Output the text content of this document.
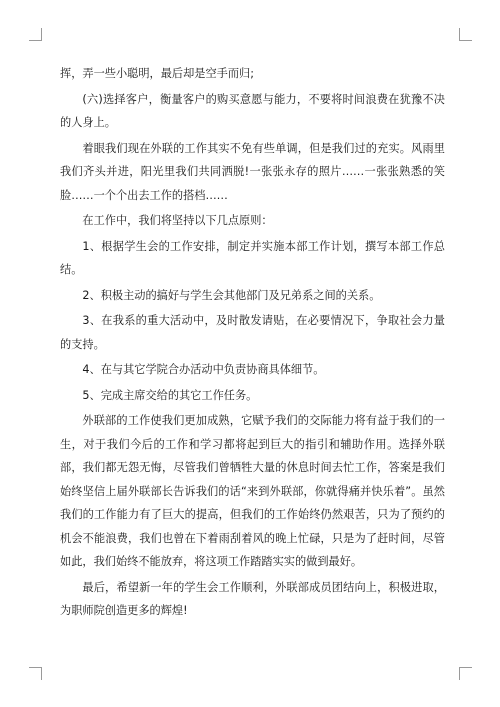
挥，弄一些小聪明，最后却是空手而归;

(六)选择客户，衡量客户的购买意愿与能力，不要将时间浪费在犹豫不决的人身上。

着眼我们现在外联的工作其实不免有些单调，但是我们过的充实。风雨里我们齐头并进，阳光里我们共同洒脱!一张张永存的照片……一张张熟悉的笑脸……一个个出去工作的搭档……

在工作中，我们将坚持以下几点原则：

1、根据学生会的工作安排，制定并实施本部工作计划，撰写本部工作总结。

2、积极主动的搞好与学生会其他部门及兄弟系之间的关系。

3、在我系的重大活动中，及时散发请贴，在必要情况下，争取社会力量的支持。

4、在与其它学院合办活动中负责协商具体细节。

5、完成主席交给的其它工作任务。

外联部的工作使我们更加成熟，它赋予我们的交际能力将有益于我们的一生，对于我们今后的工作和学习都将起到巨大的指引和辅助作用。选择外联部，我们都无怨无悔，尽管我们曾牺牲大量的休息时间去忙工作，答案是我们始终坚信上届外联部长告诉我们的话“来到外联部，你就得痛并快乐着”。虽然我们的工作能力有了巨大的提高，但我们的工作始终仍然艰苦，只为了预约的机会不能浪费，我们也曾在下着雨刮着风的晚上忙碌，只是为了赶时间，尽管如此，我们始终不能放弃，将这项工作踏踏实实的做到最好。

最后，希望新一年的学生会工作顺利，外联部成员团结向上，积极进取，为职师院创造更多的辉煌!
